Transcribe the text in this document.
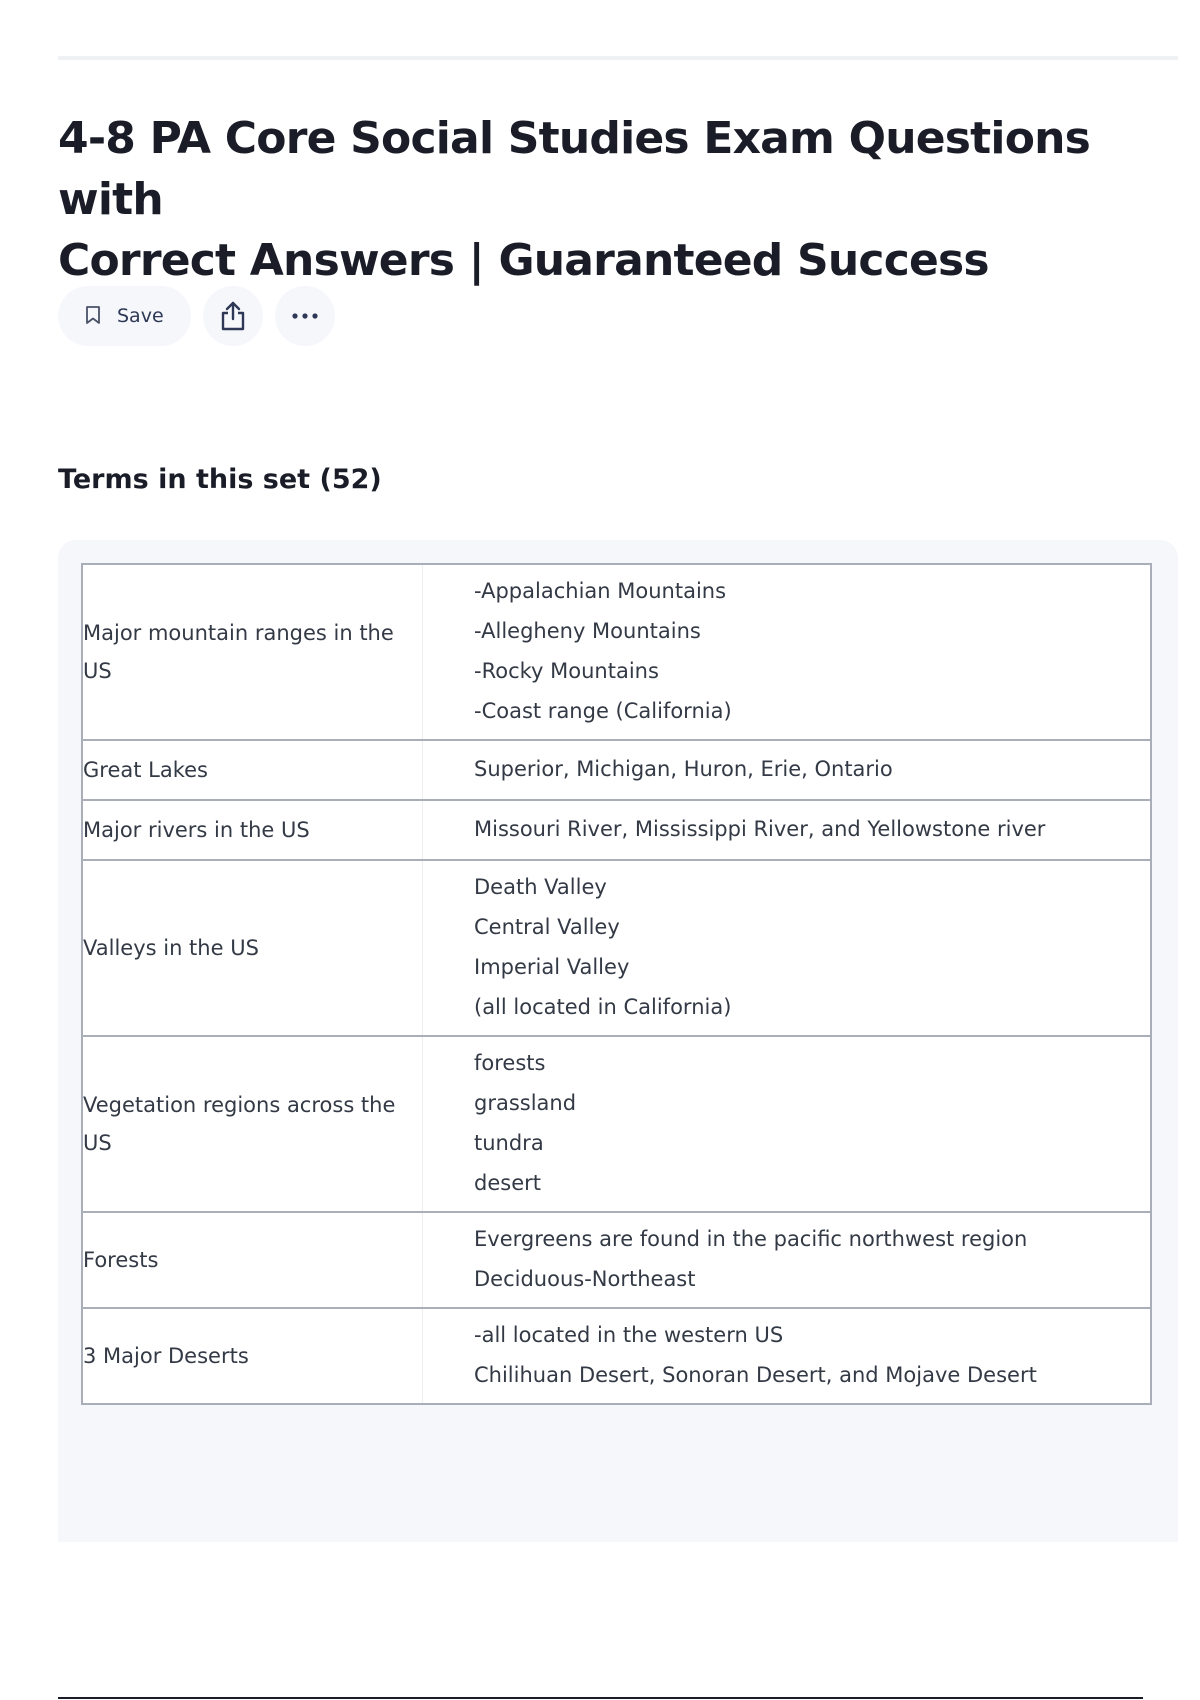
4-8 PA Core Social Studies Exam Questions with
Correct Answers | Guaranteed Success
Save
Terms in this set (52)
Major mountain ranges in the US	-Appalachian Mountains
-Allegheny Mountains
-Rocky Mountains
-Coast range (California)

Great Lakes	Superior, Michigan, Huron, Erie, Ontario

Major rivers in the US	Missouri River, Mississippi River, and Yellowstone river

Valleys in the US	Death Valley
Central Valley
Imperial Valley
(all located in California)

Vegetation regions across the US	forests
grassland
tundra
desert

Forests	Evergreens are found in the pacific northwest region
Deciduous-Northeast

3 Major Deserts	-all located in the western US
Chilihuan Desert, Sonoran Desert, and Mojave Desert
